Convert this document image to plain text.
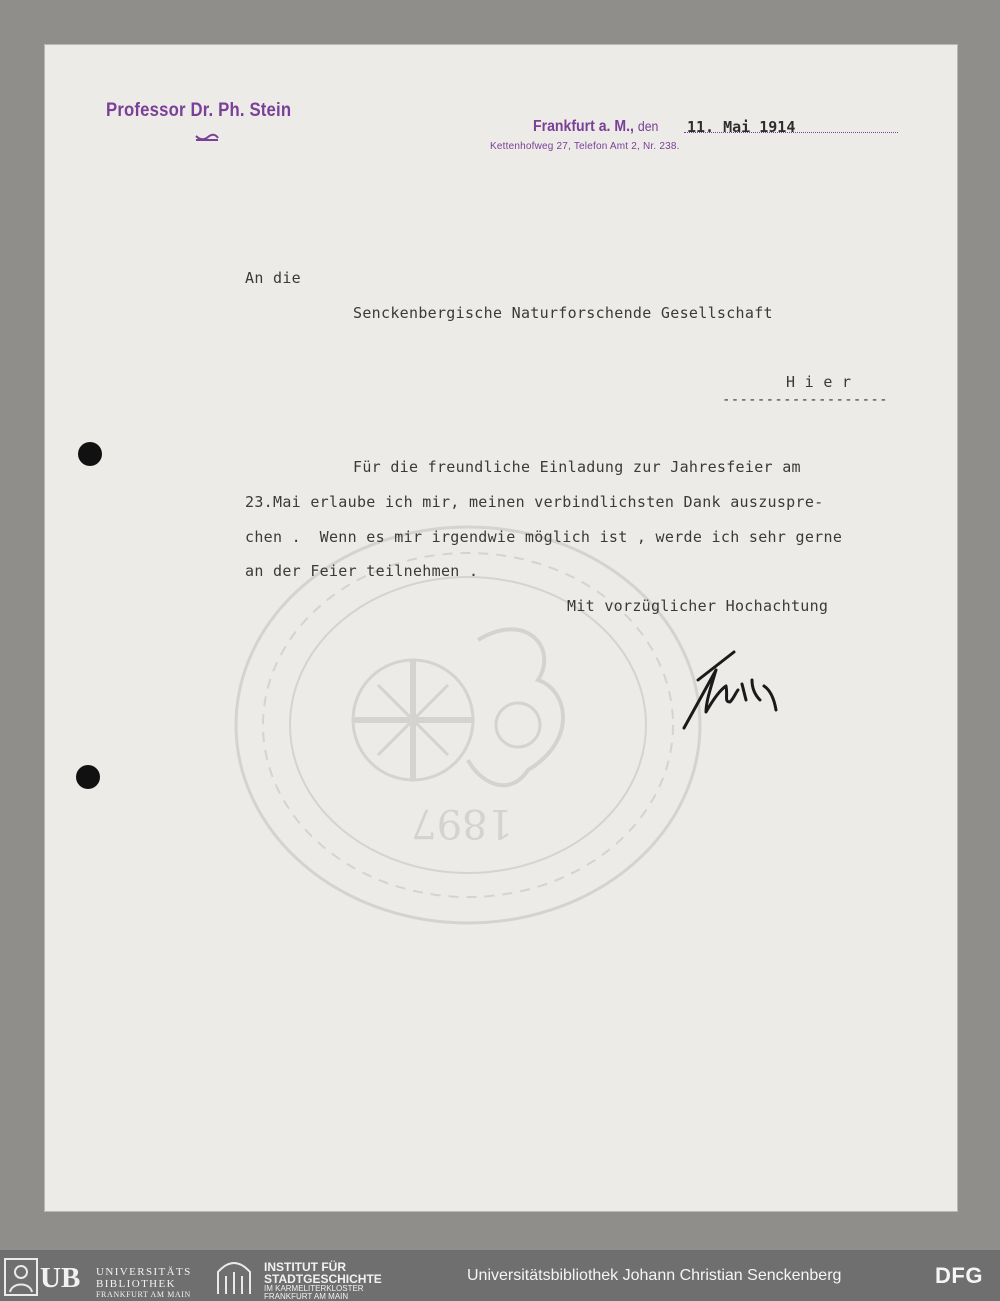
1897
Professor Dr. Ph. Stein
Frankfurt a. M., den 11. Mai 1914
Kettenhofweg 27, Telefon Amt 2, Nr. 238.
An die
Senckenbergische Naturforschende Gesellschaft
H i e r
-------------------
Für die freundliche Einladung zur Jahresfeier am
23.Mai erlaube ich mir, meinen verbindlichsten Dank auszuspre-
chen .  Wenn es mir irgendwie möglich ist , werde ich sehr gerne
an der Feier teilnehmen .
Mit vorzüglicher Hochachtung
UB UNIVERSITÄTS
BIBLIOTHEK
FRANKFURT AM MAIN
INSTITUT FÜR
STADTGESCHICHTE
IM KARMELITERKLOSTER
FRANKFURT AM MAIN
Universitätsbibliothek Johann Christian Senckenberg	DFG
